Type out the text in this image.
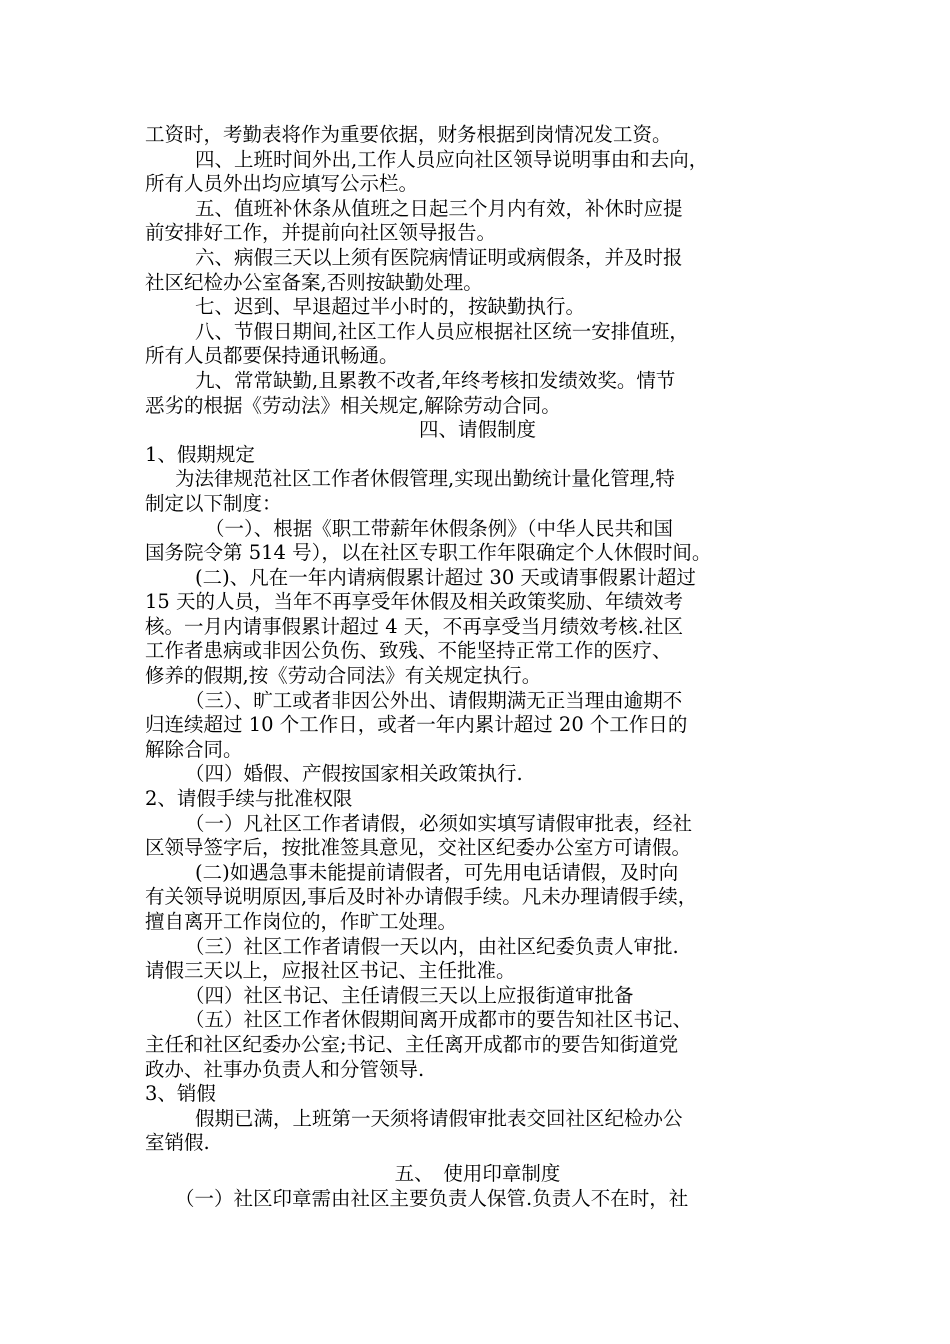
工资时，考勤表将作为重要依据，财务根据到岗情况发工资。
四、上班时间外出,工作人员应向社区领导说明事由和去向，
所有人员外出均应填写公示栏。
五、值班补休条从值班之日起三个月内有效，补休时应提
前安排好工作，并提前向社区领导报告。
六、病假三天以上须有医院病情证明或病假条，并及时报
社区纪检办公室备案,否则按缺勤处理。
七、迟到、早退超过半小时的，按缺勤执行。
八、节假日期间,社区工作人员应根据社区统一安排值班，
所有人员都要保持通讯畅通。
九、常常缺勤,且累教不改者,年终考核扣发绩效奖。情节
恶劣的根据《劳动法》相关规定,解除劳动合同。
四、请假制度
1、假期规定
为法律规范社区工作者休假管理,实现出勤统计量化管理,特
制定以下制度：
（一）、根据《职工带薪年休假条例》（中华人民共和国
国务院令第 514 号），以在社区专职工作年限确定个人休假时间。
(二)、凡在一年内请病假累计超过 30 天或请事假累计超过
15 天的人员，当年不再享受年休假及相关政策奖励、年绩效考
核。一月内请事假累计超过 4 天，不再享受当月绩效考核.社区
工作者患病或非因公负伤、致残、不能坚持正常工作的医疗、
修养的假期,按《劳动合同法》有关规定执行。
（三）、旷工或者非因公外出、请假期满无正当理由逾期不
归连续超过 10 个工作日，或者一年内累计超过 20 个工作日的
解除合同。
（四）婚假、产假按国家相关政策执行.
2、请假手续与批准权限
（一）凡社区工作者请假，必须如实填写请假审批表，经社
区领导签字后，按批准签具意见，交社区纪委办公室方可请假。
(二)如遇急事未能提前请假者，可先用电话请假，及时向
有关领导说明原因,事后及时补办请假手续。凡未办理请假手续，
擅自离开工作岗位的，作旷工处理。
（三）社区工作者请假一天以内，由社区纪委负责人审批.
请假三天以上，应报社区书记、主任批准。
（四）社区书记、主任请假三天以上应报街道审批备
（五）社区工作者休假期间离开成都市的要告知社区书记、
主任和社区纪委办公室;书记、主任离开成都市的要告知街道党
政办、社事办负责人和分管领导.
3、销假
假期已满，上班第一天须将请假审批表交回社区纪检办公
室销假.
五、　使用印章制度
（一）社区印章需由社区主要负责人保管.负责人不在时，社
